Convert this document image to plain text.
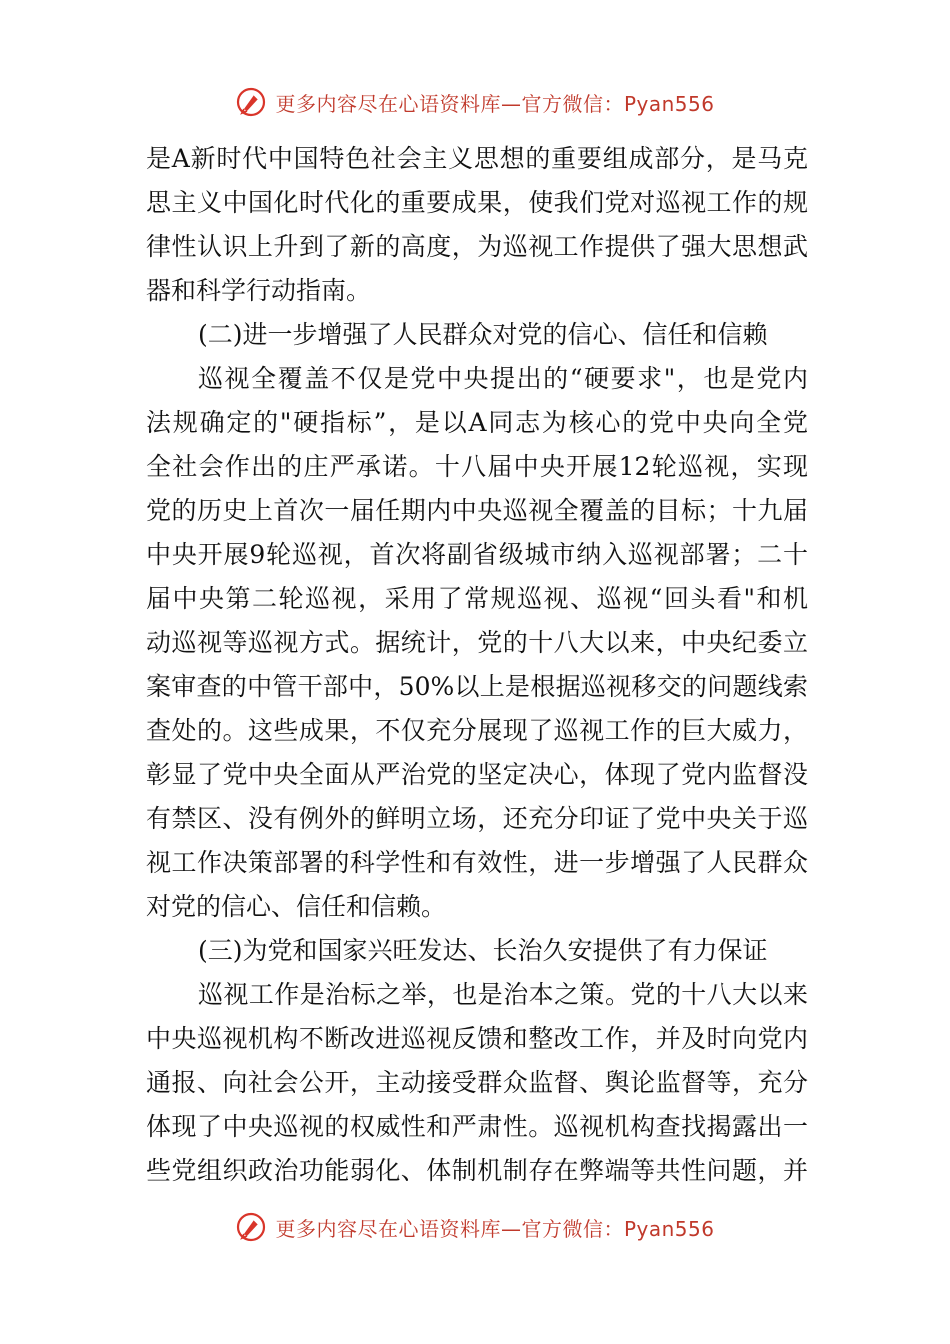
更多内容尽在心语资料库—官方微信：Pyan556
是A新时代中国特色社会主义思想的重要组成部分，是马克
思主义中国化时代化的重要成果，使我们党对巡视工作的规
律性认识上升到了新的高度，为巡视工作提供了强大思想武
器和科学行动指南。
(二)进一步增强了人民群众对党的信心、信任和信赖
巡视全覆盖不仅是党中央提出的“硬要求"，也是党内
法规确定的"硬指标”，是以A同志为核心的党中央向全党
全社会作出的庄严承诺。十八届中央开展12轮巡视，实现
党的历史上首次一届任期内中央巡视全覆盖的目标；十九届
中央开展9轮巡视，首次将副省级城市纳入巡视部署；二十
届中央第二轮巡视，采用了常规巡视、巡视“回头看"和机
动巡视等巡视方式。据统计，党的十八大以来，中央纪委立
案审查的中管干部中，50%以上是根据巡视移交的问题线索
查处的。这些成果，不仅充分展现了巡视工作的巨大威力，
彰显了党中央全面从严治党的坚定决心，体现了党内监督没
有禁区、没有例外的鲜明立场，还充分印证了党中央关于巡
视工作决策部署的科学性和有效性，进一步增强了人民群众
对党的信心、信任和信赖。
(三)为党和国家兴旺发达、长治久安提供了有力保证
巡视工作是治标之举，也是治本之策。党的十八大以来
中央巡视机构不断改进巡视反馈和整改工作，并及时向党内
通报、向社会公开，主动接受群众监督、舆论监督等，充分
体现了中央巡视的权威性和严肃性。巡视机构查找揭露出一
些党组织政治功能弱化、体制机制存在弊端等共性问题，并
更多内容尽在心语资料库—官方微信：Pyan556
